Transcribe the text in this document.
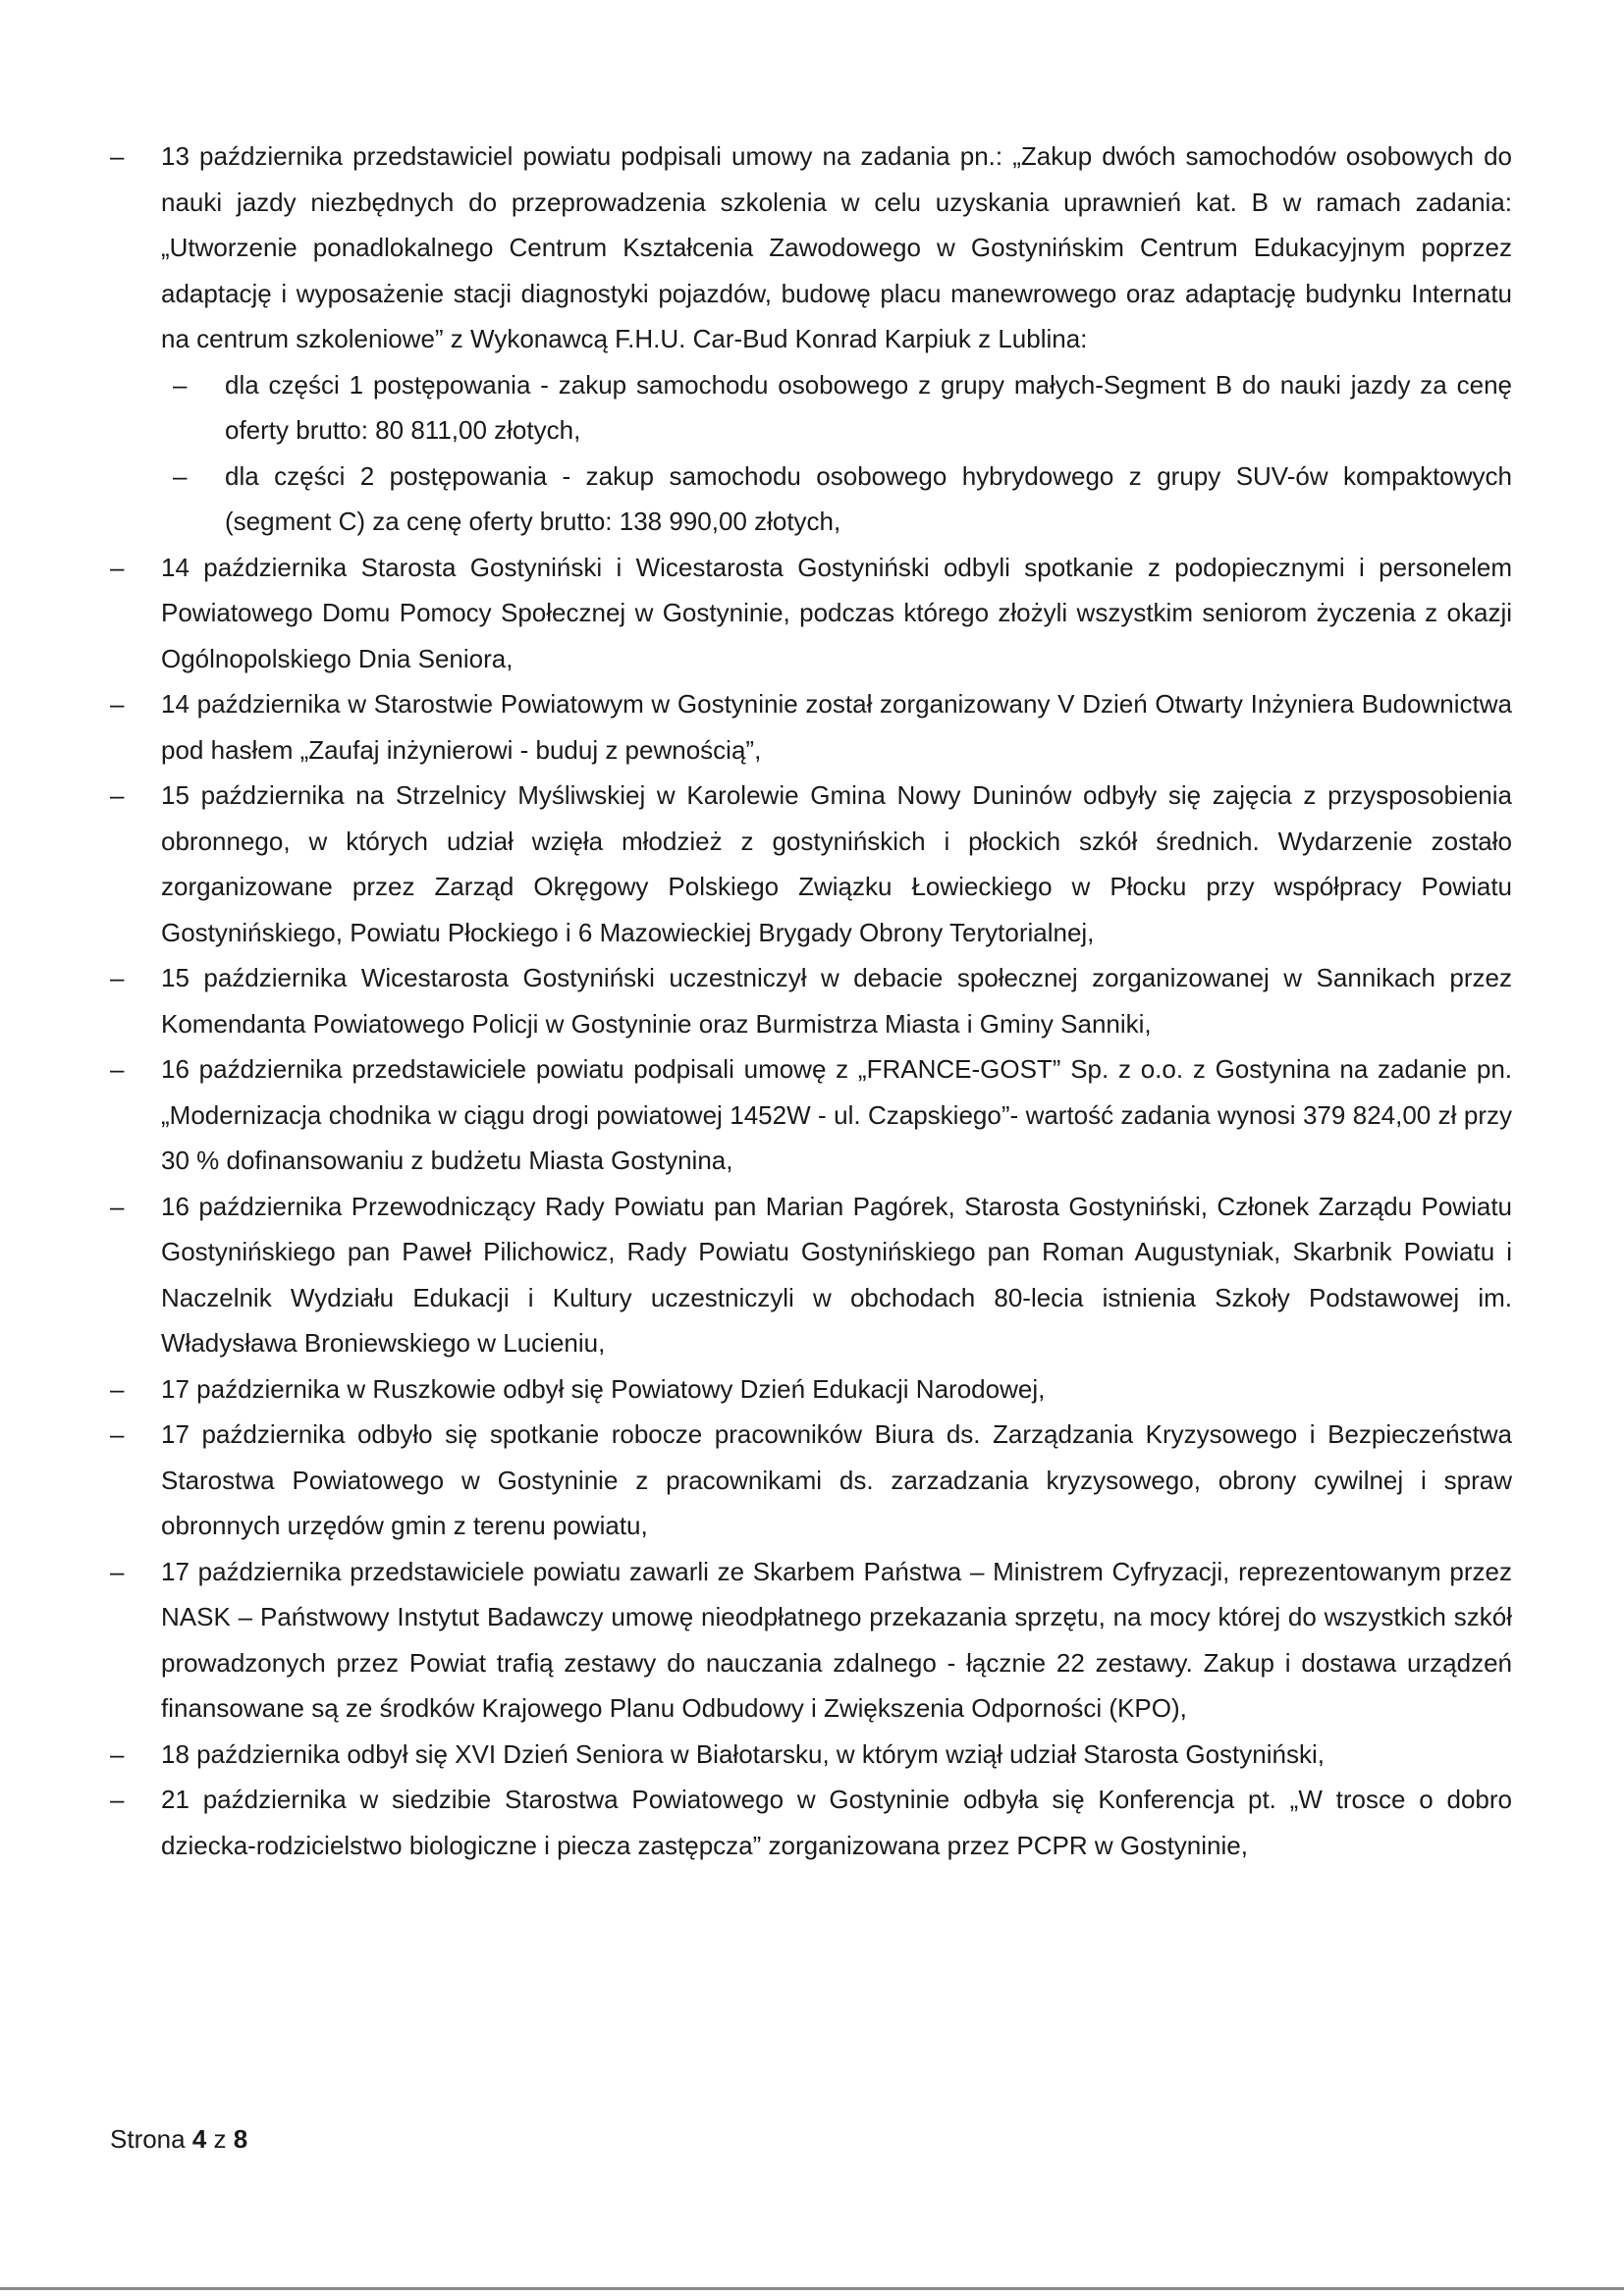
– 13 października przedstawiciel powiatu podpisali umowy na zadania pn.: „Zakup dwóch samochodów osobowych do nauki jazdy niezbędnych do przeprowadzenia szkolenia w celu uzyskania uprawnień kat. B w ramach zadania: „Utworzenie ponadlokalnego Centrum Kształcenia Zawodowego w Gostynińskim Centrum Edukacyjnym poprzez adaptację i wyposażenie stacji diagnostyki pojazdów, budowę placu manewrowego oraz adaptację budynku Internatu na centrum szkoleniowe” z Wykonawcą F.H.U. Car-Bud Konrad Karpiuk z Lublina:
– dla części 1 postępowania - zakup samochodu osobowego z grupy małych-Segment B do nauki jazdy za cenę oferty brutto: 80 811,00 złotych,
– dla części 2 postępowania - zakup samochodu osobowego hybrydowego z grupy SUV-ów kompaktowych (segment C) za cenę oferty brutto: 138 990,00 złotych,
– 14 października Starosta Gostyniński i Wicestarosta Gostyniński odbyli spotkanie z podopiecznymi i personelem Powiatowego Domu Pomocy Społecznej w Gostyninie, podczas którego złożyli wszystkim seniorom życzenia z okazji Ogólnopolskiego Dnia Seniora,
– 14 października w Starostwie Powiatowym w Gostyninie został zorganizowany V Dzień Otwarty Inżyniera Budownictwa pod hasłem „Zaufaj inżynierowi - buduj z pewnością”,
– 15 października na Strzelnicy Myśliwskiej w Karolewie Gmina Nowy Duninów odbyły się zajęcia z przysposobienia obronnego, w których udział wzięła młodzież z gostynińskich i płockich szkół średnich. Wydarzenie zostało zorganizowane przez Zarząd Okręgowy Polskiego Związku Łowieckiego w Płocku przy współpracy Powiatu Gostynińskiego, Powiatu Płockiego i 6 Mazowieckiej Brygady Obrony Terytorialnej,
– 15 października Wicestarosta Gostyniński uczestniczył w debacie społecznej zorganizowanej w Sannikach przez Komendanta Powiatowego Policji w Gostyninie oraz Burmistrza Miasta i Gminy Sanniki,
– 16 października przedstawiciele powiatu podpisali umowę z „FRANCE-GOST” Sp. z o.o. z Gostynina na zadanie pn. „Modernizacja chodnika w ciągu drogi powiatowej 1452W - ul. Czapskiego”- wartość zadania wynosi 379 824,00 zł przy 30 % dofinansowaniu z budżetu Miasta Gostynina,
– 16 października Przewodniczący Rady Powiatu pan Marian Pagórek, Starosta Gostyniński, Członek Zarządu Powiatu Gostynińskiego pan Paweł Pilichowicz, Rady Powiatu Gostynińskiego pan Roman Augustyniak, Skarbnik Powiatu i Naczelnik Wydziału Edukacji i Kultury uczestniczyli w obchodach 80-lecia istnienia Szkoły Podstawowej im. Władysława Broniewskiego w Lucieniu,
– 17 października w Ruszkowie odbył się Powiatowy Dzień Edukacji Narodowej,
– 17 października odbyło się spotkanie robocze pracowników Biura ds. Zarządzania Kryzysowego i Bezpieczeństwa Starostwa Powiatowego w Gostyninie z pracownikami ds. zarzadzania kryzysowego, obrony cywilnej i spraw obronnych urzędów gmin z terenu powiatu,
– 17 października przedstawiciele powiatu zawarli ze Skarbem Państwa – Ministrem Cyfryzacji, reprezentowanym przez NASK – Państwowy Instytut Badawczy umowę nieodpłatnego przekazania sprzętu, na mocy której do wszystkich szkół prowadzonych przez Powiat trafią zestawy do nauczania zdalnego - łącznie 22 zestawy. Zakup i dostawa urządzeń finansowane są ze środków Krajowego Planu Odbudowy i Zwiększenia Odporności (KPO),
– 18 października odbył się XVI Dzień Seniora w Białotarsku, w którym wziął udział Starosta Gostyniński,
– 21 października w siedzibie Starostwa Powiatowego w Gostyninie odbyła się Konferencja pt. „W trosce o dobro dziecka-rodzicielstwo biologiczne i piecza zastępcza” zorganizowana przez PCPR w Gostyninie,
Strona 4 z 8
